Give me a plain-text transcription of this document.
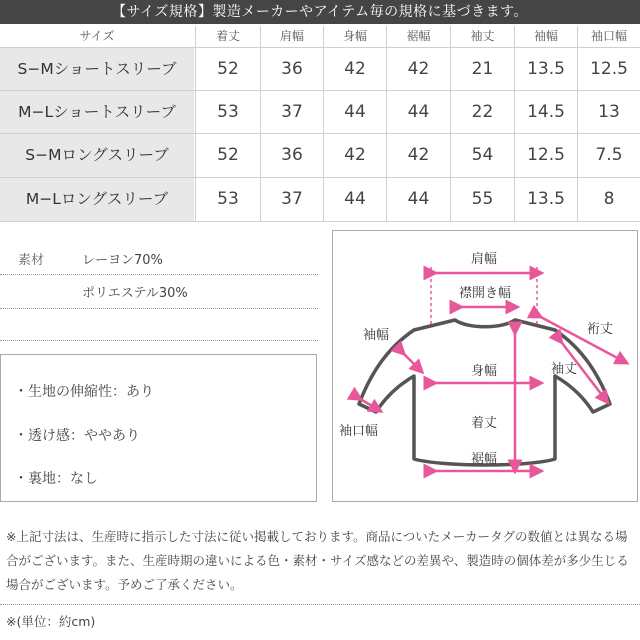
【サイズ規格】製造メーカーやアイテム毎の規格に基づきます。
サイズ	着丈	肩幅	身幅	裾幅	袖丈	袖幅	袖口幅
S−Mショートスリーブ	52	36	42	42	21	13.5	12.5
M−Lショートスリーブ	53	37	44	44	22	14.5	13
S−Mロングスリーブ	52	36	42	42	54	12.5	7.5
M−Lロングスリーブ	53	37	44	44	55	13.5	8
素材	レーヨン70%
ポリエステル30%
・生地の伸縮性：あり
・透け感：ややあり
・裏地：なし
肩幅
襟開き幅
袖幅	裄丈
袖丈
身幅
着丈
裾幅
袖口幅
※上記寸法は、生産時に指示した寸法に従い掲載しております。商品についたメーカータグの数値とは異なる場合がございます。また、生産時期の違いによる色・素材・サイズ感などの差異や、製造時の個体差が多少生じる場合がございます。予めご了承ください。
※(単位：約cm)
